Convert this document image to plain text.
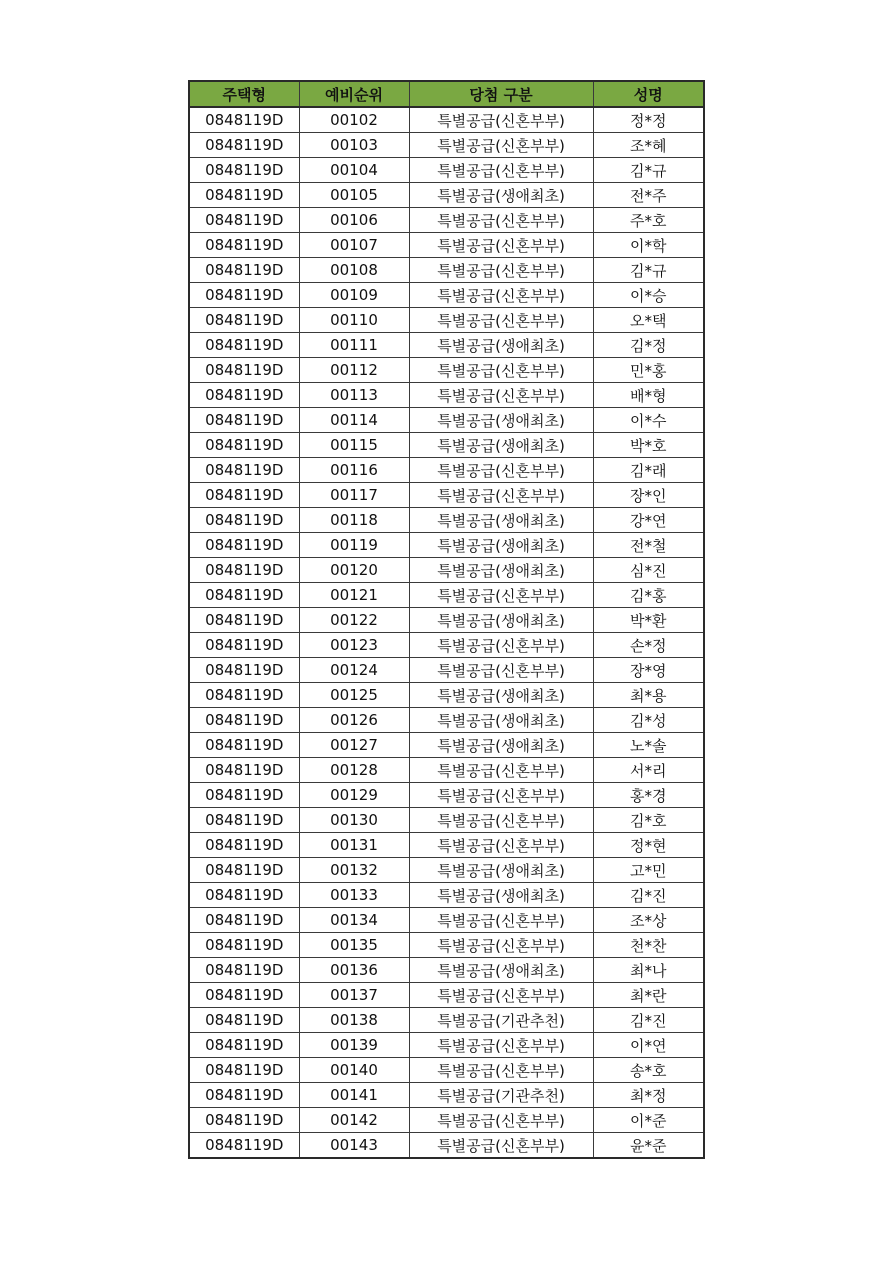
주택형	예비순위	당첨 구분	성명
0848119D	00102	특별공급(신혼부부)	정*정
0848119D	00103	특별공급(신혼부부)	조*혜
0848119D	00104	특별공급(신혼부부)	김*규
0848119D	00105	특별공급(생애최초)	전*주
0848119D	00106	특별공급(신혼부부)	주*호
0848119D	00107	특별공급(신혼부부)	이*학
0848119D	00108	특별공급(신혼부부)	김*규
0848119D	00109	특별공급(신혼부부)	이*승
0848119D	00110	특별공급(신혼부부)	오*택
0848119D	00111	특별공급(생애최초)	김*정
0848119D	00112	특별공급(신혼부부)	민*홍
0848119D	00113	특별공급(신혼부부)	배*형
0848119D	00114	특별공급(생애최초)	이*수
0848119D	00115	특별공급(생애최초)	박*호
0848119D	00116	특별공급(신혼부부)	김*래
0848119D	00117	특별공급(신혼부부)	장*인
0848119D	00118	특별공급(생애최초)	강*연
0848119D	00119	특별공급(생애최초)	전*철
0848119D	00120	특별공급(생애최초)	심*진
0848119D	00121	특별공급(신혼부부)	김*홍
0848119D	00122	특별공급(생애최초)	박*환
0848119D	00123	특별공급(신혼부부)	손*정
0848119D	00124	특별공급(신혼부부)	장*영
0848119D	00125	특별공급(생애최초)	최*용
0848119D	00126	특별공급(생애최초)	김*성
0848119D	00127	특별공급(생애최초)	노*솔
0848119D	00128	특별공급(신혼부부)	서*리
0848119D	00129	특별공급(신혼부부)	홍*경
0848119D	00130	특별공급(신혼부부)	김*호
0848119D	00131	특별공급(신혼부부)	정*현
0848119D	00132	특별공급(생애최초)	고*민
0848119D	00133	특별공급(생애최초)	김*진
0848119D	00134	특별공급(신혼부부)	조*상
0848119D	00135	특별공급(신혼부부)	천*찬
0848119D	00136	특별공급(생애최초)	최*나
0848119D	00137	특별공급(신혼부부)	최*란
0848119D	00138	특별공급(기관추천)	김*진
0848119D	00139	특별공급(신혼부부)	이*연
0848119D	00140	특별공급(신혼부부)	송*호
0848119D	00141	특별공급(기관추천)	최*정
0848119D	00142	특별공급(신혼부부)	이*준
0848119D	00143	특별공급(신혼부부)	윤*준
